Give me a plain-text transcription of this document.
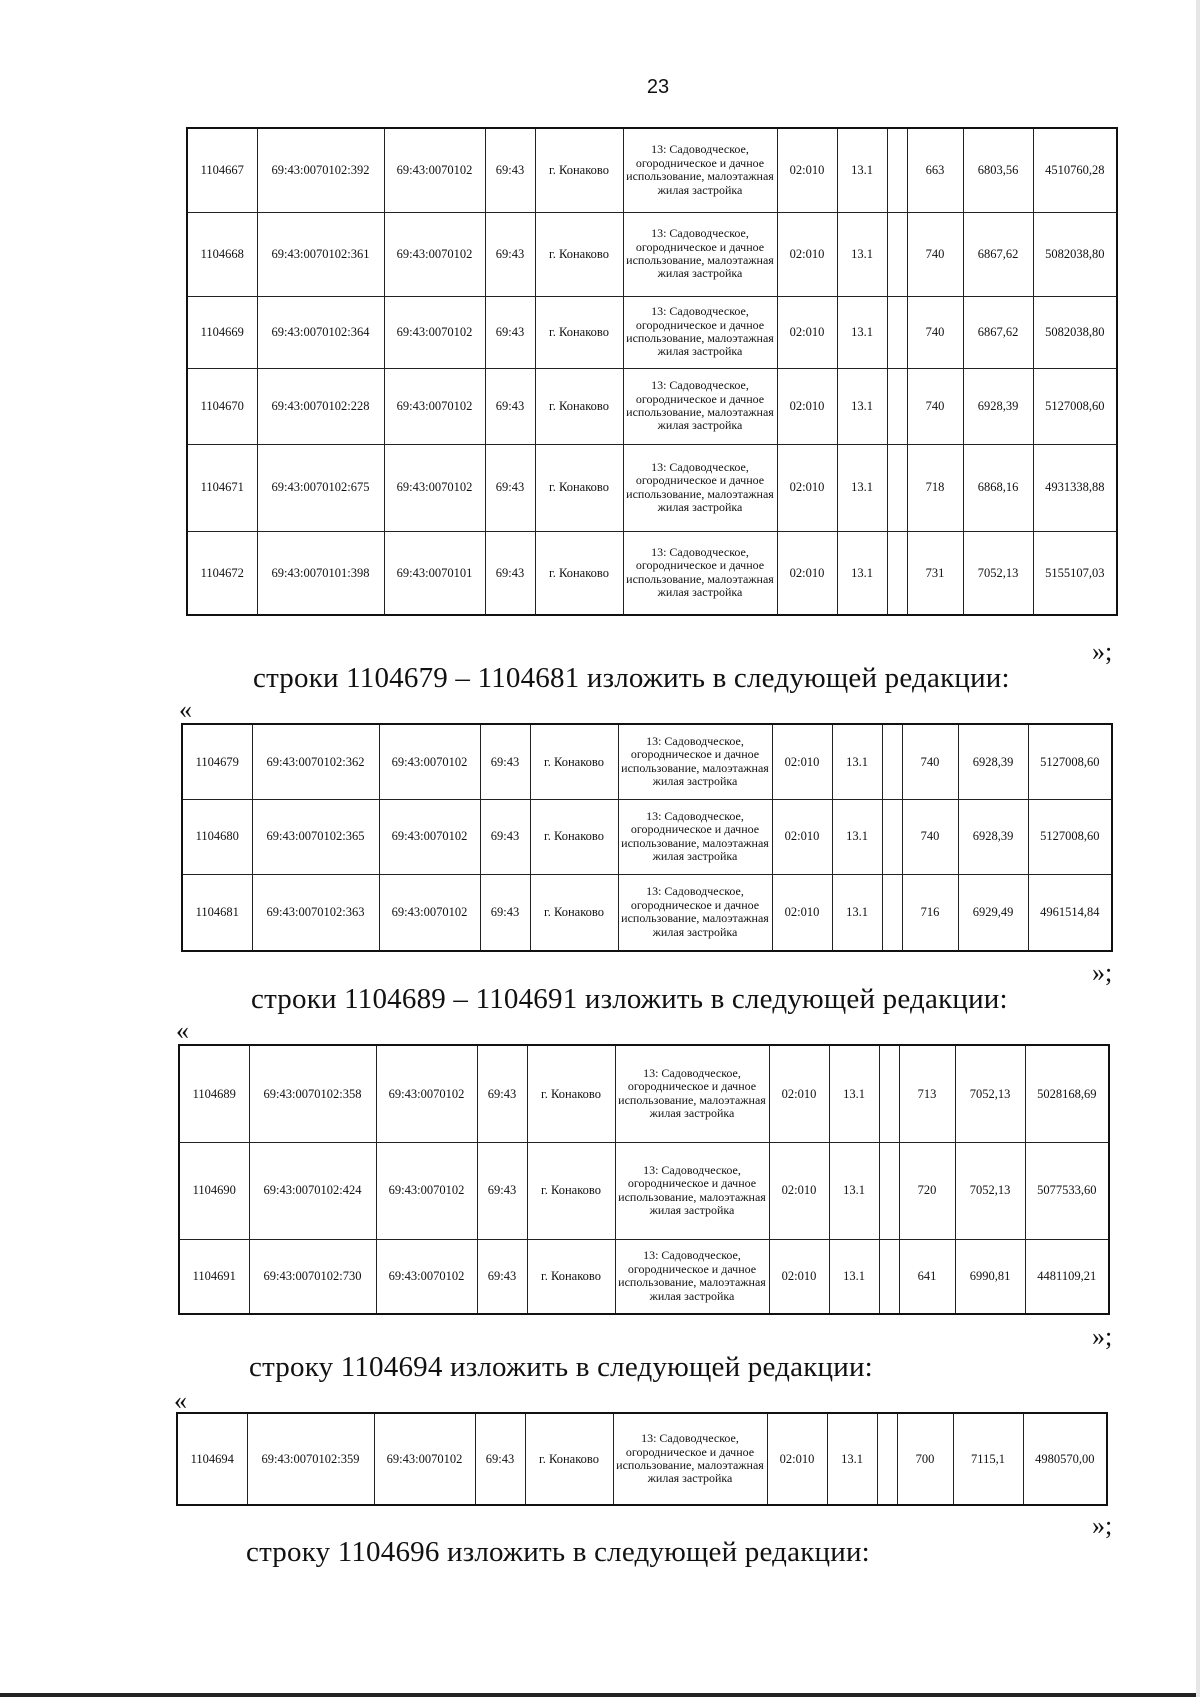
23
1104667	69:43:0070102:392	69:43:0070102	69:43	г. Конаково	13: Садоводческое, огородническое и дачное использование, малоэтажная жилая застройка	02:010	13.1		663	6803,56	4510760,28
1104668	69:43:0070102:361	69:43:0070102	69:43	г. Конаково	13: Садоводческое, огородническое и дачное использование, малоэтажная жилая застройка	02:010	13.1		740	6867,62	5082038,80
1104669	69:43:0070102:364	69:43:0070102	69:43	г. Конаково	13: Садоводческое, огородническое и дачное использование, малоэтажная жилая застройка	02:010	13.1		740	6867,62	5082038,80
1104670	69:43:0070102:228	69:43:0070102	69:43	г. Конаково	13: Садоводческое, огородническое и дачное использование, малоэтажная жилая застройка	02:010	13.1		740	6928,39	5127008,60
1104671	69:43:0070102:675	69:43:0070102	69:43	г. Конаково	13: Садоводческое, огородническое и дачное использование, малоэтажная жилая застройка	02:010	13.1		718	6868,16	4931338,88
1104672	69:43:0070101:398	69:43:0070101	69:43	г. Конаково	13: Садоводческое, огородническое и дачное использование, малоэтажная жилая застройка	02:010	13.1		731	7052,13	5155107,03
»;
строки 1104679 – 1104681 изложить в следующей редакции:
«
1104679	69:43:0070102:362	69:43:0070102	69:43	г. Конаково	13: Садоводческое, огородническое и дачное использование, малоэтажная жилая застройка	02:010	13.1		740	6928,39	5127008,60
1104680	69:43:0070102:365	69:43:0070102	69:43	г. Конаково	13: Садоводческое, огородническое и дачное использование, малоэтажная жилая застройка	02:010	13.1		740	6928,39	5127008,60
1104681	69:43:0070102:363	69:43:0070102	69:43	г. Конаково	13: Садоводческое, огородническое и дачное использование, малоэтажная жилая застройка	02:010	13.1		716	6929,49	4961514,84
»;
строки 1104689 – 1104691 изложить в следующей редакции:
«
1104689	69:43:0070102:358	69:43:0070102	69:43	г. Конаково	13: Садоводческое, огородническое и дачное использование, малоэтажная жилая застройка	02:010	13.1		713	7052,13	5028168,69
1104690	69:43:0070102:424	69:43:0070102	69:43	г. Конаково	13: Садоводческое, огородническое и дачное использование, малоэтажная жилая застройка	02:010	13.1		720	7052,13	5077533,60
1104691	69:43:0070102:730	69:43:0070102	69:43	г. Конаково	13: Садоводческое, огородническое и дачное использование, малоэтажная жилая застройка	02:010	13.1		641	6990,81	4481109,21
»;
строку 1104694 изложить в следующей редакции:
«
1104694	69:43:0070102:359	69:43:0070102	69:43	г. Конаково	13: Садоводческое, огородническое и дачное использование, малоэтажная жилая застройка	02:010	13.1		700	7115,1	4980570,00
»;
строку 1104696 изложить в следующей редакции:
